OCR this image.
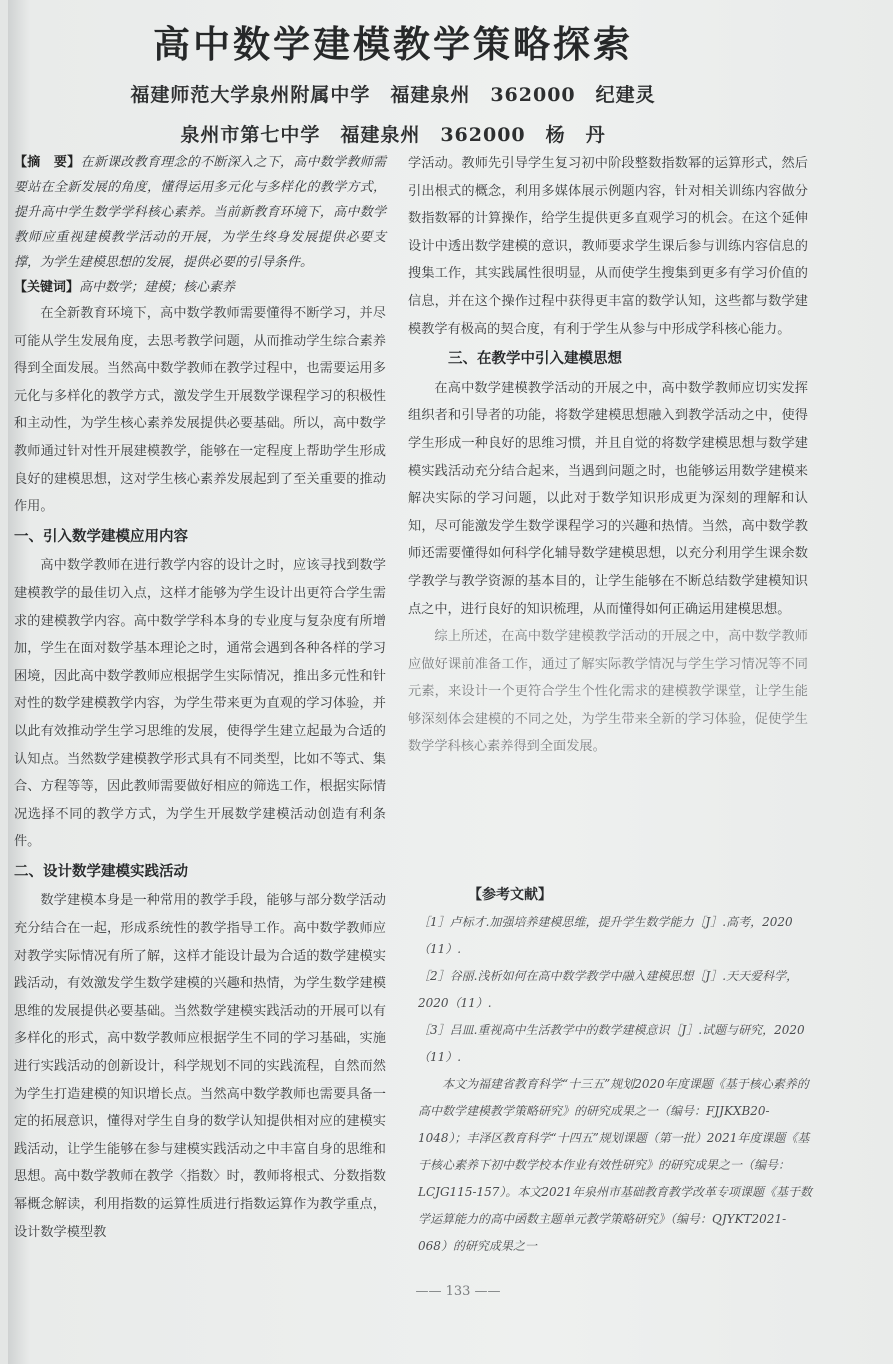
高中数学建模教学策略探索
福建师范大学泉州附属中学　福建泉州　362000　纪建灵
泉州市第七中学　福建泉州　362000　杨　丹

【摘　要】在新课改教育理念的不断深入之下，高中数学教师需要站在全新发展的角度，懂得运用多元化与多样化的教学方式，提升高中学生数学学科核心素养。当前新教育环境下，高中数学教师应重视建模教学活动的开展，为学生终身发展提供必要支撑，为学生建模思想的发展，提供必要的引导条件。

【关键词】高中数学；建模；核心素养

在全新教育环境下，高中数学教师需要懂得不断学习，并尽可能从学生发展角度，去思考教学问题，从而推动学生综合素养得到全面发展。当然高中数学教师在教学过程中，也需要运用多元化与多样化的教学方式，激发学生开展数学课程学习的积极性和主动性，为学生核心素养发展提供必要基础。所以，高中数学教师通过针对性开展建模教学，能够在一定程度上帮助学生形成良好的建模思想，这对学生核心素养发展起到了至关重要的推动作用。

一、引入数学建模应用内容

高中数学教师在进行教学内容的设计之时，应该寻找到数学建模教学的最佳切入点，这样才能够为学生设计出更符合学生需求的建模教学内容。高中数学学科本身的专业度与复杂度有所增加，学生在面对数学基本理论之时，通常会遇到各种各样的学习困境，因此高中数学教师应根据学生实际情况，推出多元性和针对性的数学建模教学内容，为学生带来更为直观的学习体验，并以此有效推动学生学习思维的发展，使得学生建立起最为合适的认知点。当然数学建模教学形式具有不同类型，比如不等式、集合、方程等等，因此教师需要做好相应的筛选工作，根据实际情况选择不同的教学方式，为学生开展数学建模活动创造有利条件。

二、设计数学建模实践活动

数学建模本身是一种常用的教学手段，能够与部分数学活动充分结合在一起，形成系统性的教学指导工作。高中数学教师应对教学实际情况有所了解，这样才能设计最为合适的数学建模实践活动，有效激发学生数学建模的兴趣和热情，为学生数学建模思维的发展提供必要基础。当然数学建模实践活动的开展可以有多样化的形式，高中数学教师应根据学生不同的学习基础，实施进行实践活动的创新设计，科学规划不同的实践流程，自然而然为学生打造建模的知识增长点。当然高中数学教师也需要具备一定的拓展意识，懂得对学生自身的数学认知提供相对应的建模实践活动，让学生能够在参与建模实践活动之中丰富自身的思维和思想。高中数学教师在教学〈指数〉时，教师将根式、分数指数幂概念解读，利用指数的运算性质进行指数运算作为教学重点，设计数学模型教

学活动。教师先引导学生复习初中阶段整数指数幂的运算形式，然后引出根式的概念，利用多媒体展示例题内容，针对相关训练内容做分数指数幂的计算操作，给学生提供更多直观学习的机会。在这个延伸设计中透出数学建模的意识，教师要求学生课后参与训练内容信息的搜集工作，其实践属性很明显，从而使学生搜集到更多有学习价值的信息，并在这个操作过程中获得更丰富的数学认知，这些都与数学建模教学有极高的契合度，有利于学生从参与中形成学科核心能力。

三、在教学中引入建模思想

在高中数学建模教学活动的开展之中，高中数学教师应切实发挥组织者和引导者的功能，将数学建模思想融入到教学活动之中，使得学生形成一种良好的思维习惯，并且自觉的将数学建模思想与数学建模实践活动充分结合起来，当遇到问题之时，也能够运用数学建模来解决实际的学习问题，以此对于数学知识形成更为深刻的理解和认知，尽可能激发学生数学课程学习的兴趣和热情。当然，高中数学教师还需要懂得如何科学化辅导数学建模思想，以充分利用学生课余数学教学与教学资源的基本目的，让学生能够在不断总结数学建模知识点之中，进行良好的知识梳理，从而懂得如何正确运用建模思想。

综上所述，在高中数学建模教学活动的开展之中，高中数学教师应做好课前准备工作，通过了解实际教学情况与学生学习情况等不同元素，来设计一个更符合学生个性化需求的建模教学课堂，让学生能够深刻体会建模的不同之处，为学生带来全新的学习体验，促使学生数学学科核心素养得到全面发展。

【参考文献】

［1］卢标才.加强培养建模思维，提升学生数学能力［J］.高考，2020（11）.

［2］谷丽.浅析如何在高中数学教学中融入建模思想［J］.天天爱科学，2020（11）.

［3］吕皿.重视高中生活教学中的数学建模意识［J］.试题与研究，2020（11）.

本文为福建省教育科学“十三五”规划2020年度课题《基于核心素养的高中数学建模教学策略研究》的研究成果之一（编号：FJJKXB20-1048）；丰泽区教育科学“十四五”规划课题（第一批）2021年度课题《基于核心素养下初中数学校本作业有效性研究》的研究成果之一（编号：LCJG115-157）。本文2021年泉州市基础教育教学改革专项课题《基于数学运算能力的高中函数主题单元教学策略研究》（编号：QJYKT2021-068）的研究成果之一

—— 133 ——
